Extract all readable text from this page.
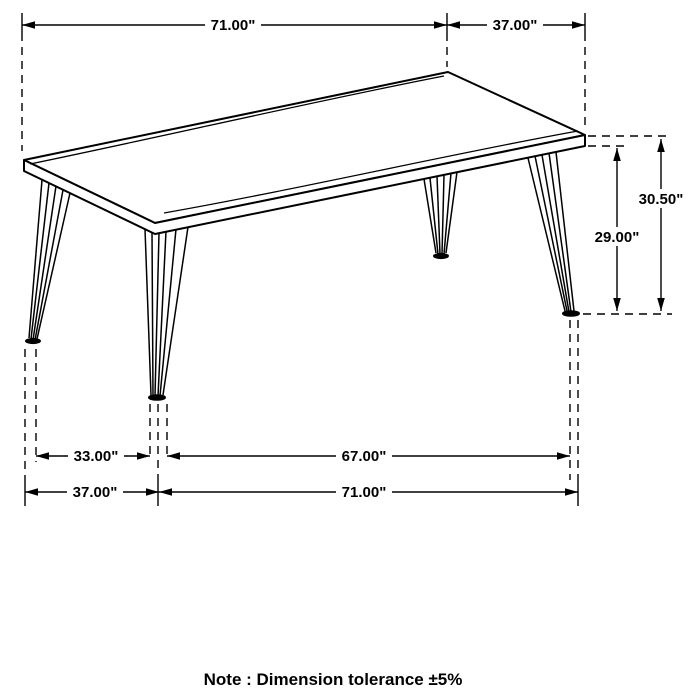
71.00"	37.00"
30.50"
29.00"
33.00"	67.00"
37.00"	71.00"
Note : Dimension tolerance ±5%
